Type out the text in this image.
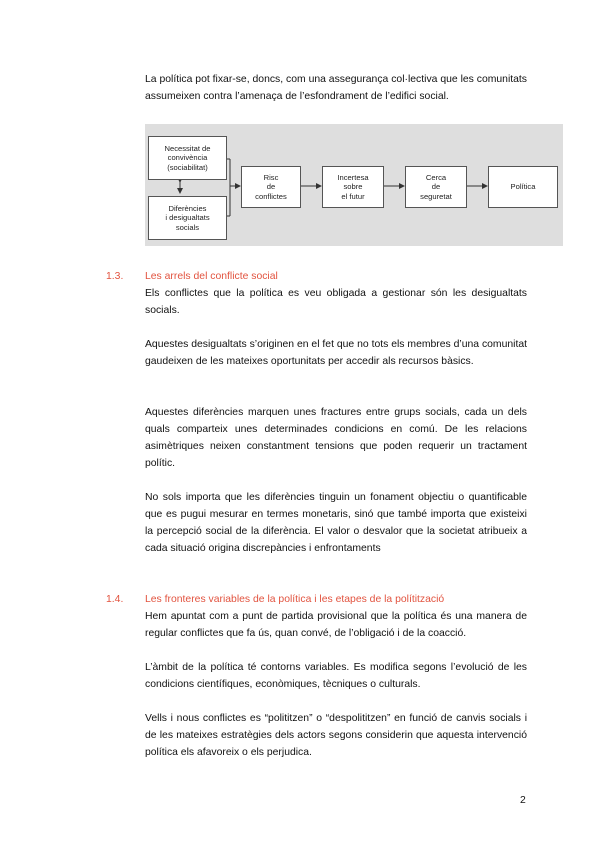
La política pot fixar-se, doncs, com una assegurança col·lectiva que les comunitats assumeixen contra l’amenaça de l’esfondrament de l’edifici social.

Necessitat de
convivència
(sociabilitat)
Diferències
i desigualtats
socials
Risc
de
conflictes
Incertesa
sobre
el futur
Cerca
de
seguretat
Política
1.3. Les arrels del conflicte social

Els conflictes que la política es veu obligada a gestionar són les desigualtats socials.

Aquestes desigualtats s’originen en el fet que no tots els membres d’una comunitat gaudeixen de les mateixes oportunitats per accedir als recursos bàsics.

Aquestes diferències marquen unes fractures entre grups socials, cada un dels quals comparteix unes determinades condicions en comú. De les relacions asimètriques neixen constantment tensions que poden requerir un tractament polític.

No sols importa que les diferències tinguin un fonament objectiu o quantificable que es pugui mesurar en termes monetaris, sinó que també importa que existeixi la percepció social de la diferència. El valor o desvalor que la societat atribueix a cada situació origina discrepàncies i enfrontaments

1.4. Les fronteres variables de la política i les etapes de la polítització

Hem apuntat com a punt de partida provisional que la política és una manera de regular conflictes que fa ús, quan convé, de l’obligació i de la coacció.

L’àmbit de la política té contorns variables. Es modifica segons l’evolució de les condicions científiques, econòmiques, tècniques o culturals.

Vells i nous conflictes es “polititzen” o “despolititzen” en funció de canvis socials i de les mateixes estratègies dels actors segons considerin que aquesta intervenció política els afavoreix o els perjudica.

2
